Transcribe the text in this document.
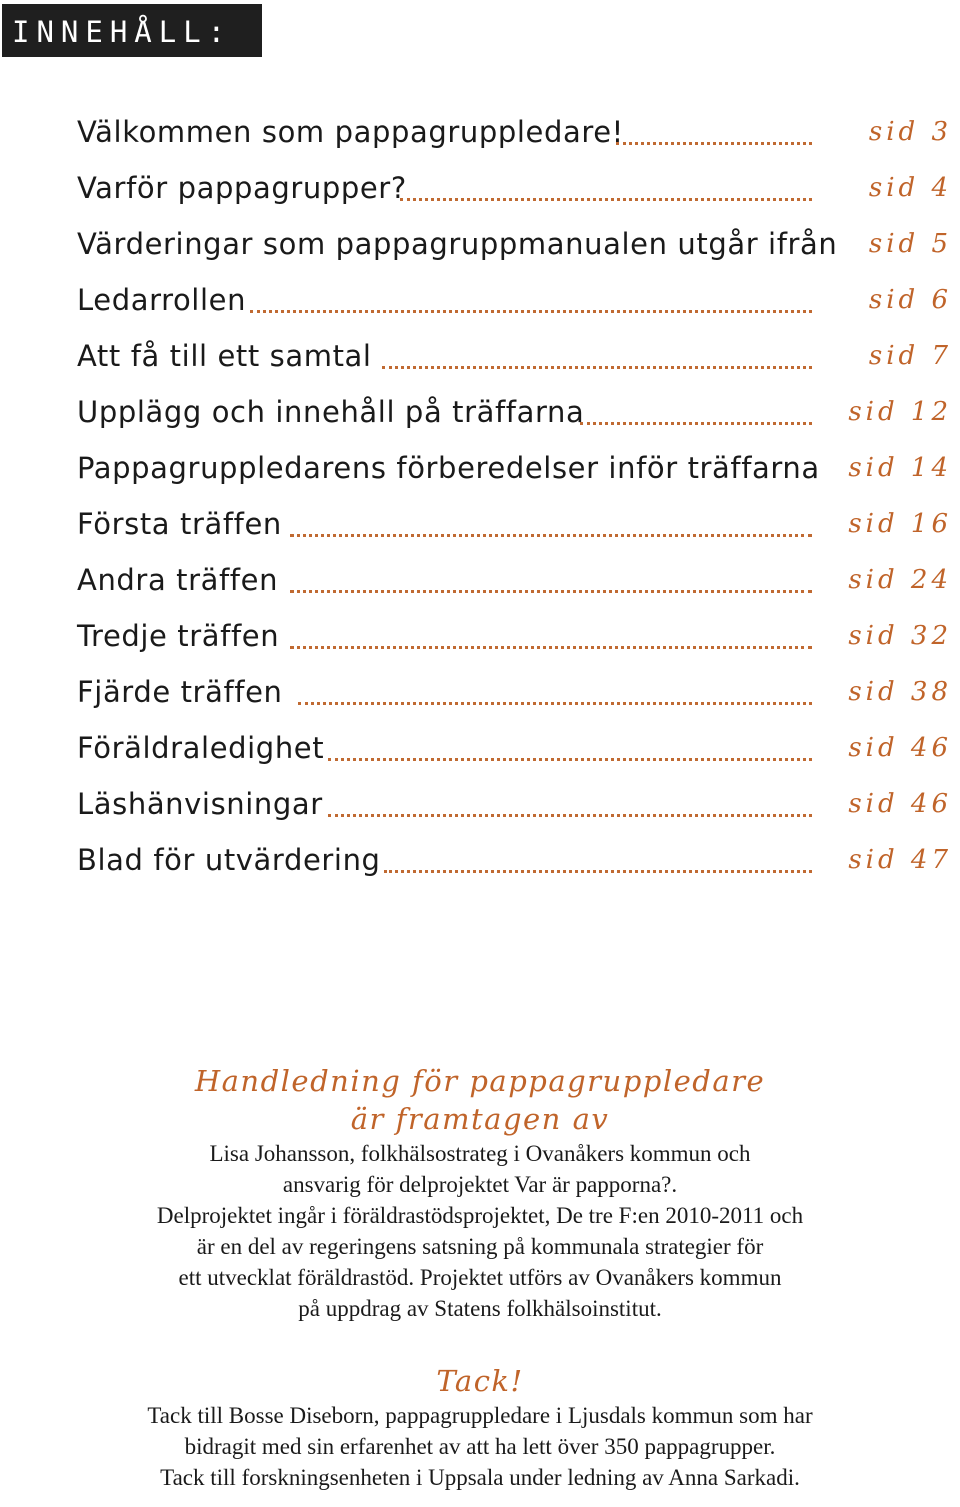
INNEHÅLL:
Välkommen som pappagruppledare!	sid 3
Varför pappagrupper?	sid 4
Värderingar som pappagruppmanualen utgår ifrån sid 5
Ledarrollen	sid 6
Att få till ett samtal	sid 7
Upplägg och innehåll på träffarna	sid 12
Pappagruppledarens förberedelser inför träffarna sid 14
Första träffen	sid 16
Andra träffen	sid 24
Tredje träffen	sid 32
Fjärde träffen	sid 38
Föräldraledighet	sid 46
Läshänvisningar	sid 46
Blad för utvärdering	sid 47
Handledning för pappagruppledare
är framtagen av
Lisa Johansson, folkhälsostrateg i Ovanåkers kommun och
ansvarig för delprojektet Var är papporna?.
Delprojektet ingår i föräldrastödsprojektet, De tre F:en 2010-2011 och
är en del av regeringens satsning på kommunala strategier för
ett utvecklat föräldrastöd. Projektet utförs av Ovanåkers kommun
på uppdrag av Statens folkhälsoinstitut.
Tack!
Tack till Bosse Diseborn, pappagruppledare i Ljusdals kommun som har
bidragit med sin erfarenhet av att ha lett över 350 pappagrupper.
Tack till forskningsenheten i Uppsala under ledning av Anna Sarkadi.
